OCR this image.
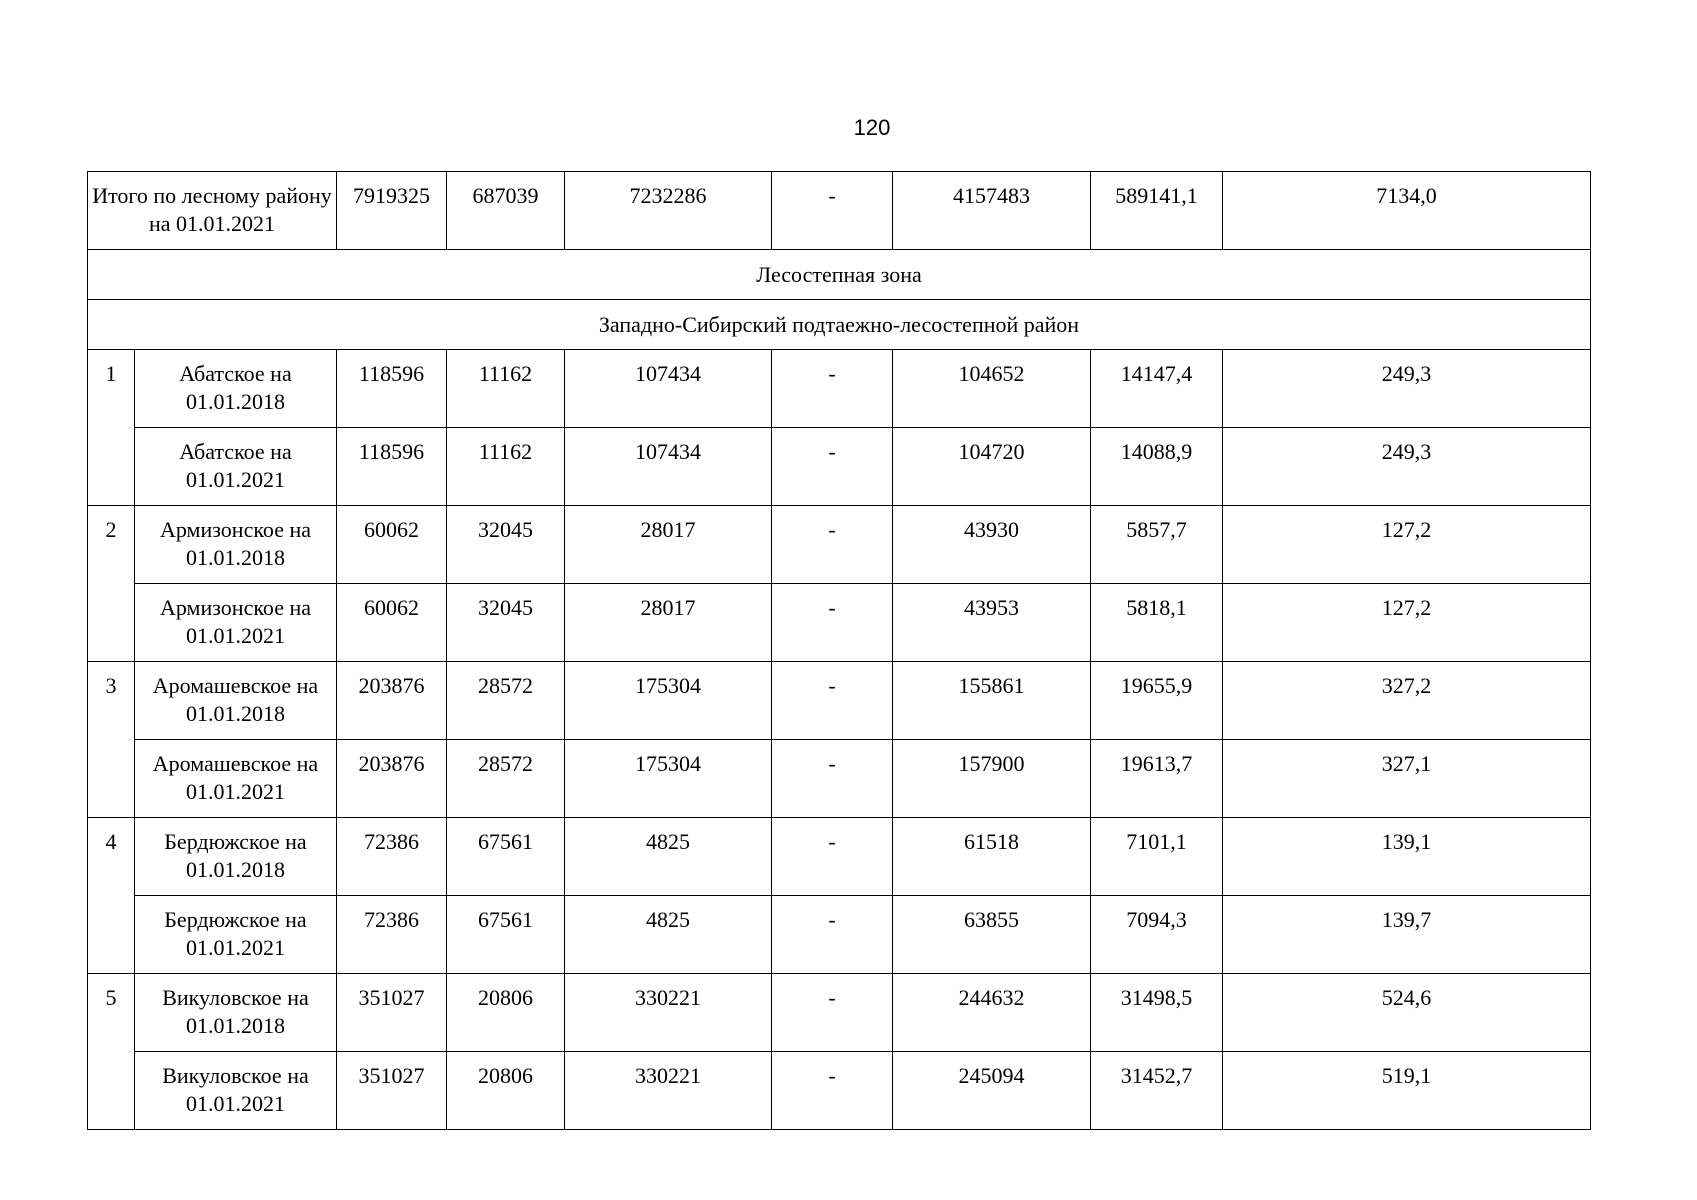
120
Итого по лесному району на 01.01.2021		7919325	687039	7232286	-	4157483	589141,1	7134,0
Лесостепная зона								
Западно-Сибирский подтаежно-лесостепной район								
1	Абатское на 01.01.2018	118596	11162	107434	-	104652	14147,4	249,3
	Абатское на 01.01.2021	118596	11162	107434	-	104720	14088,9	249,3
2	Армизонское на 01.01.2018	60062	32045	28017	-	43930	5857,7	127,2
	Армизонское на 01.01.2021	60062	32045	28017	-	43953	5818,1	127,2
3	Аромашевское на 01.01.2018	203876	28572	175304	-	155861	19655,9	327,2
	Аромашевское на 01.01.2021	203876	28572	175304	-	157900	19613,7	327,1
4	Бердюжское на 01.01.2018	72386	67561	4825	-	61518	7101,1	139,1
	Бердюжское на 01.01.2021	72386	67561	4825	-	63855	7094,3	139,7
5	Викуловское на 01.01.2018	351027	20806	330221	-	244632	31498,5	524,6
	Викуловское на 01.01.2021	351027	20806	330221	-	245094	31452,7	519,1
